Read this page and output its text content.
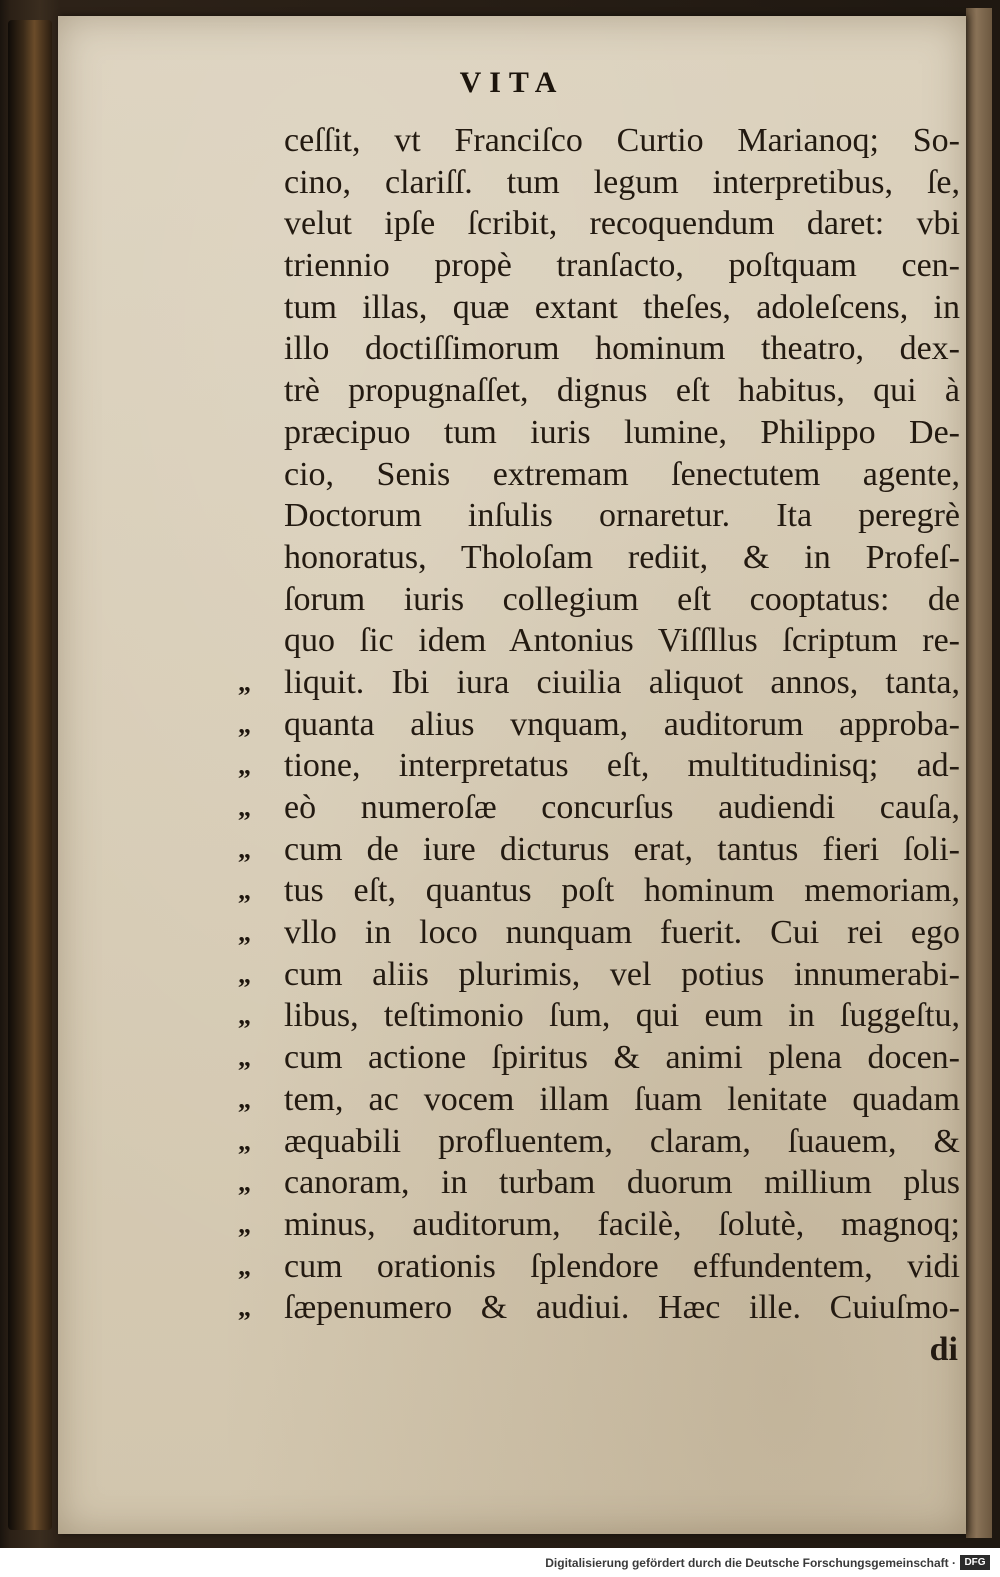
VITA
ceſſit, vt Franciſco Curtio Marianoq; So-
cino, clariſſ. tum legum interpretibus, ſe,
velut ipſe ſcribit, recoquendum daret: vbi
triennio propè tranſacto, poſtquam cen-
tum illas, quæ extant theſes, adoleſcens, in
illo doctiſſimorum hominum theatro, dex-
trè propugnaſſet, dignus eſt habitus, qui à
præcipuo tum iuris lumine, Philippo De-
cio, Senis extremam ſenectutem agente,
Doctorum inſulis ornaretur. Ita peregrè
honoratus, Tholoſam rediit, & in Profeſ-
ſorum iuris collegium eſt cooptatus: de
quo ſic idem Antonius Viſſllus ſcriptum re-
„ liquit. Ibi iura ciuilia aliquot annos, tanta,
„ quanta alius vnquam, auditorum approba-
„ tione, interpretatus eſt, multitudinisq; ad-
„ eò numeroſæ concurſus audiendi cauſa,
„ cum de iure dicturus erat, tantus fieri ſoli-
„ tus eſt, quantus poſt hominum memoriam,
„ vllo in loco nunquam fuerit. Cui rei ego
„ cum aliis plurimis, vel potius innumerabi-
„ libus, teſtimonio ſum, qui eum in ſuggeſtu,
„ cum actione ſpiritus & animi plena docen-
„ tem, ac vocem illam ſuam lenitate quadam
„ æquabili profluentem, claram, ſuauem, &
„ canoram, in turbam duorum millium plus
„ minus, auditorum, facilè, ſolutè, magnoq;
„ cum orationis ſplendore effundentem, vidi
„ ſæpenumero & audiui. Hæc ille. Cuiuſmo-
di
Digitalisierung gefördert durch die Deutsche Forschungsgemeinschaft · DFG
